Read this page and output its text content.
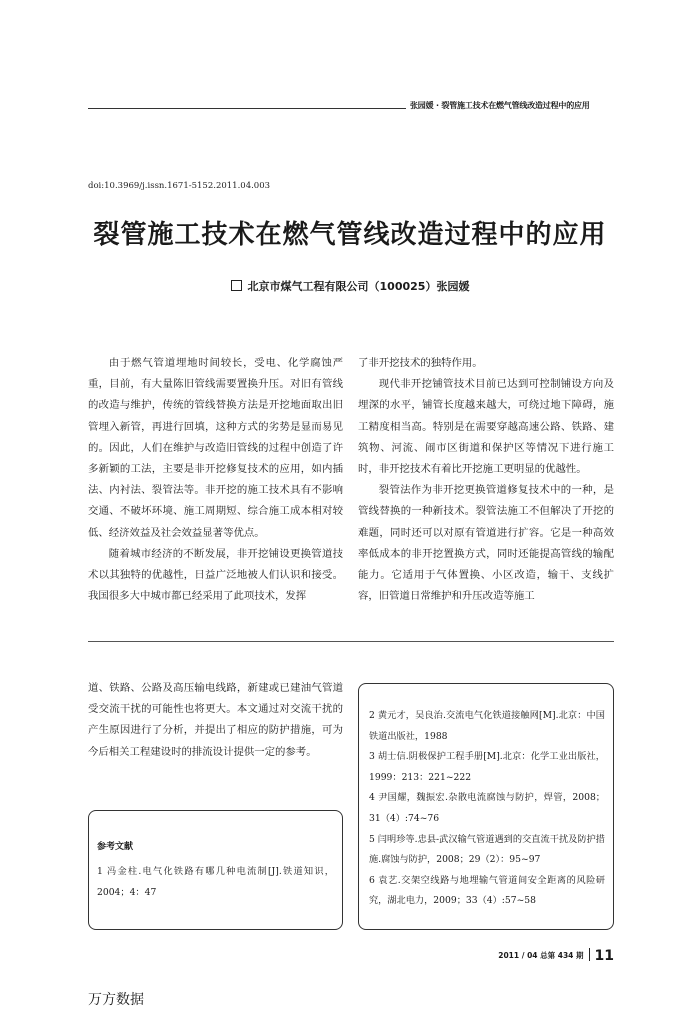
张园媛 · 裂管施工技术在燃气管线改造过程中的应用
doi:10.3969/j.issn.1671-5152.2011.04.003
裂管施工技术在燃气管线改造过程中的应用
北京市煤气工程有限公司（100025）张园媛

由于燃气管道埋地时间较长，受电、化学腐蚀严重，目前，有大量陈旧管线需要置换升压。对旧有管线的改造与维护，传统的管线替换方法是开挖地面取出旧管埋入新管，再进行回填，这种方式的劣势是显而易见的。因此，人们在维护与改造旧管线的过程中创造了许多新颖的工法，主要是非开挖修复技术的应用，如内插法、内衬法、裂管法等。非开挖的施工技术具有不影响交通、不破坏环境、施工周期短、综合施工成本相对较低、经济效益及社会效益显著等优点。

随着城市经济的不断发展，非开挖铺设更换管道技术以其独特的优越性，日益广泛地被人们认识和接受。我国很多大中城市都已经采用了此项技术，发挥

了非开挖技术的独特作用。

现代非开挖铺管技术目前已达到可控制铺设方向及埋深的水平，铺管长度越来越大，可绕过地下障碍，施工精度相当高。特别是在需要穿越高速公路、铁路、建筑物、河流、闹市区街道和保护区等情况下进行施工时，非开挖技术有着比开挖施工更明显的优越性。

裂管法作为非开挖更换管道修复技术中的一种，是管线替换的一种新技术。裂管法施工不但解决了开挖的难题，同时还可以对原有管道进行扩容。它是一种高效率低成本的非开挖置换方式，同时还能提高管线的输配能力。它适用于气体置换、小区改造，输干、支线扩容，旧管道日常维护和升压改造等施工

道、铁路、公路及高压输电线路，新建或已建油气管道受交流干扰的可能性也将更大。本文通过对交流干扰的产生原因进行了分析，并提出了相应的防护措施，可为今后相关工程建设时的排流设计提供一定的参考。

参考文献

1 冯金柱.电气化铁路有哪几种电流制[J].铁道知识，2004；4：47

2 黄元才，吴良治.交流电气化铁道接触网[M].北京：中国铁道出版社，1988

3 胡士信.阴极保护工程手册[M].北京：化学工业出版社，1999：213：221~222

4 尹国耀，魏振宏.杂散电流腐蚀与防护，焊管，2008；31（4）:74~76

5 闫明珍等.忠县-武汉输气管道遇到的交直流干扰及防护措施.腐蚀与防护，2008；29（2）：95~97

6 袁艺.交架空线路与地埋输气管道间安全距离的风险研究，湖北电力，2009；33（4）:57~58

2011 / 04 总第 434 期 11
万方数据
